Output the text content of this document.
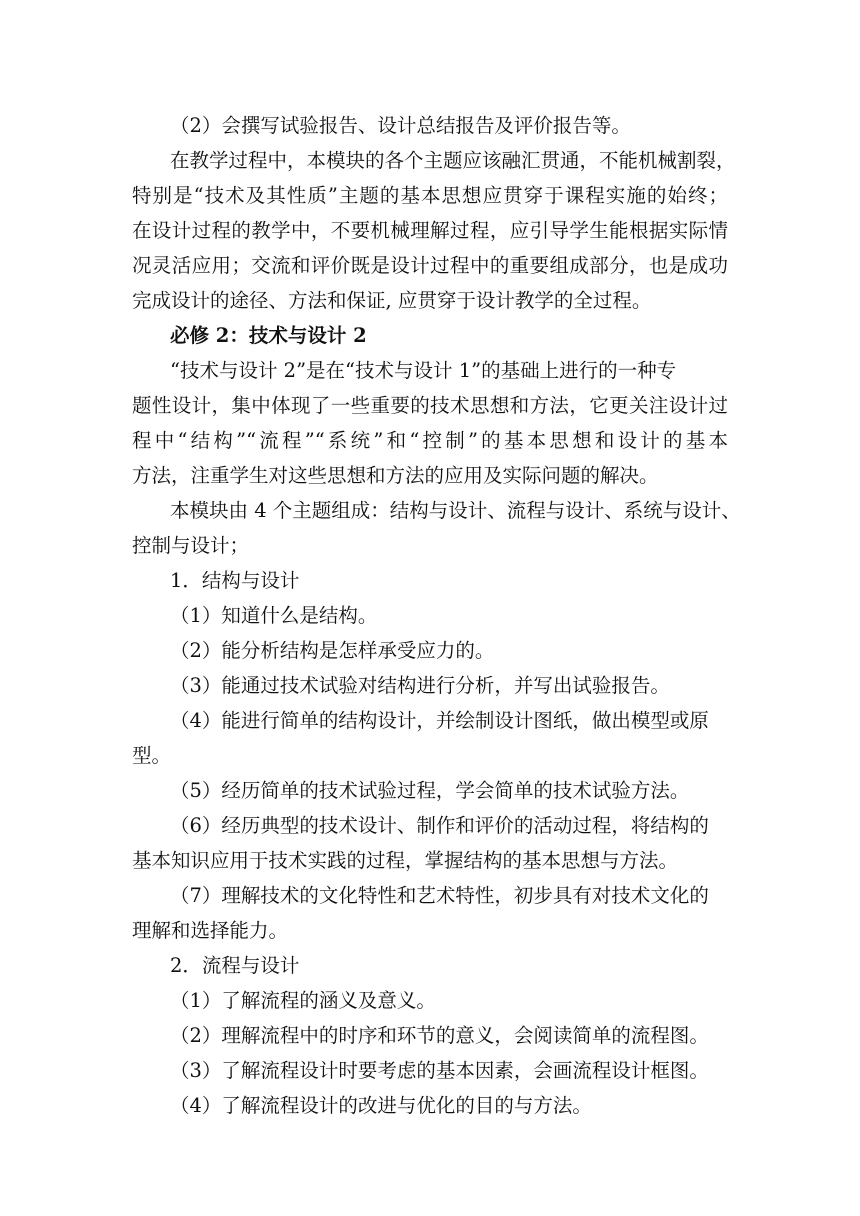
（2）会撰写试验报告、设计总结报告及评价报告等。
在教学过程中，本模块的各个主题应该融汇贯通，不能机械割裂，
特别是“技术及其性质”主题的基本思想应贯穿于课程实施的始终；
在设计过程的教学中，不要机械理解过程，应引导学生能根据实际情
况灵活应用；交流和评价既是设计过程中的重要组成部分，也是成功
完成设计的途径、方法和保证, 应贯穿于设计教学的全过程。
必修 2：技术与设计 2
“技术与设计 2”是在“技术与设计 1”的基础上进行的一种专
题性设计，集中体现了一些重要的技术思想和方法，它更关注设计过
程中“结构”“流程”“系统”和“控制”的基本思想和设计的基本
方法，注重学生对这些思想和方法的应用及实际问题的解决。
本模块由 4 个主题组成：结构与设计、流程与设计、系统与设计、
控制与设计；
1．结构与设计
（1）知道什么是结构。
（2）能分析结构是怎样承受应力的。
（3）能通过技术试验对结构进行分析，并写出试验报告。
（4）能进行简单的结构设计，并绘制设计图纸，做出模型或原
型。
（5）经历简单的技术试验过程，学会简单的技术试验方法。
（6）经历典型的技术设计、制作和评价的活动过程，将结构的
基本知识应用于技术实践的过程，掌握结构的基本思想与方法。
（7）理解技术的文化特性和艺术特性，初步具有对技术文化的
理解和选择能力。
2．流程与设计
（1）了解流程的涵义及意义。
（2）理解流程中的时序和环节的意义，会阅读简单的流程图。
（3）了解流程设计时要考虑的基本因素，会画流程设计框图。
（4）了解流程设计的改进与优化的目的与方法。
